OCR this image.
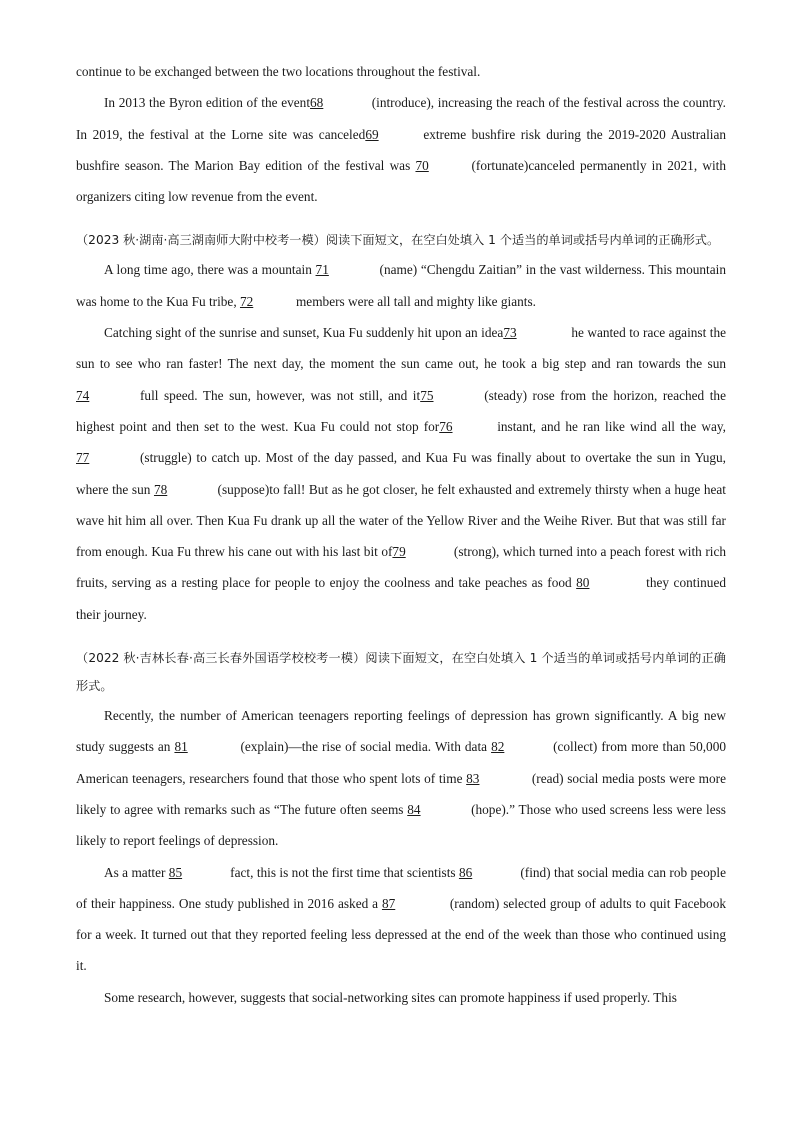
continue to be exchanged between the two locations throughout the festival.

In 2013 the Byron edition of the event68	(introduce), increasing the reach of the festival across the country. In 2019, the festival at the Lorne site was canceled69	extreme bushfire risk during the 2019-2020 Australian bushfire season. The Marion Bay edition of the festival was 70	(fortunate)canceled permanently in 2021, with organizers citing low revenue from the event.

（2023 秋·湖南·高三湖南师大附中校考一模）阅读下面短文，在空白处填入 1 个适当的单词或括号内单词的正确形式。

A long time ago, there was a mountain 71	(name) “Chengdu Zaitian” in the vast wilderness. This mountain was home to the Kua Fu tribe, 72	members were all tall and mighty like giants.

Catching sight of the sunrise and sunset, Kua Fu suddenly hit upon an idea73	he wanted to race against the sun to see who ran faster! The next day, the moment the sun came out, he took a big step and ran towards the sun 74	full speed. The sun, however, was not still, and it75	(steady) rose from the horizon, reached the highest point and then set to the west. Kua Fu could not stop for76	instant, and he ran like wind all the way, 77	(struggle) to catch up. Most of the day passed, and Kua Fu was finally about to overtake the sun in Yugu, where the sun 78	(suppose)to fall! But as he got closer, he felt exhausted and extremely thirsty when a huge heat wave hit him all over. Then Kua Fu drank up all the water of the Yellow River and the Weihe River. But that was still far from enough. Kua Fu threw his cane out with his last bit of79	(strong), which turned into a peach forest with rich fruits, serving as a resting place for people to enjoy the coolness and take peaches as food 80	they continued their journey.

（2022 秋·吉林长春·高三长春外国语学校校考一模）阅读下面短文，在空白处填入 1 个适当的单词或括号内单词的正确形式。

Recently, the number of American teenagers reporting feelings of depression has grown significantly. A big new study suggests an 81	(explain)—the rise of social media. With data 82	(collect) from more than 50,000 American teenagers, researchers found that those who spent lots of time 83	(read) social media posts were more likely to agree with remarks such as “The future often seems 84	(hope).” Those who used screens less were less likely to report feelings of depression.

As a matter 85	fact, this is not the first time that scientists 86	(find) that social media can rob people of their happiness. One study published in 2016 asked a 87	(random) selected group of adults to quit Facebook for a week. It turned out that they reported feeling less depressed at the end of the week than those who continued using it.

Some research, however, suggests that social-networking sites can promote happiness if used properly. This
